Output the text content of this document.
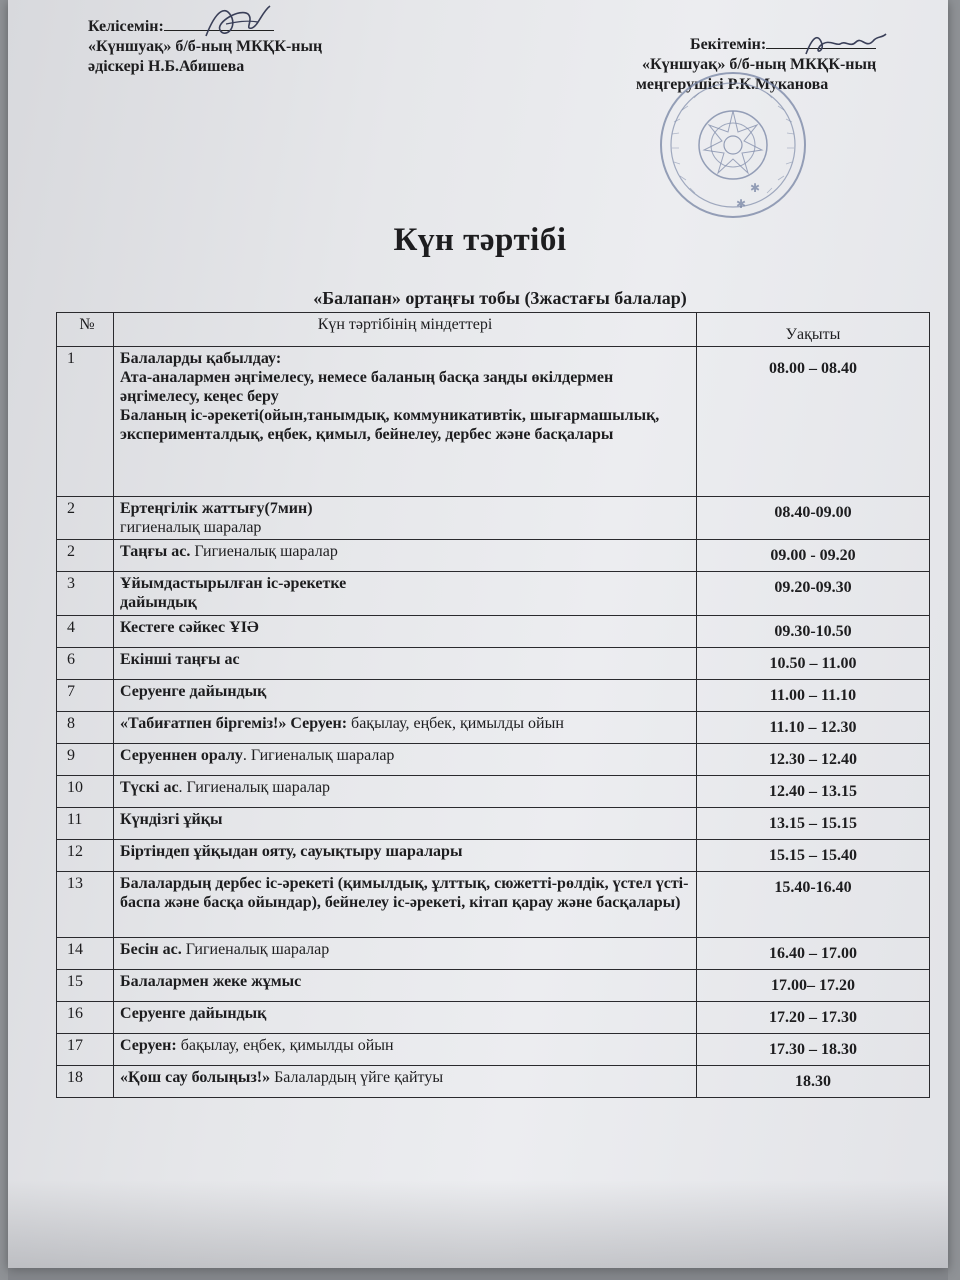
Келісемін:
«Күншуақ» б/б-ның МКҚК-ның
әдіскері Н.Б.Абишева
Бекітемін:
«Күншуақ» б/б-ның МКҚК-ның
меңгерушісі Р.К.Муканова
✱
✱
Күн тәртібі
«Балапан» ортаңғы тобы (3жастағы балалар)
№	Күн тәртібінің міндеттері	Уақыты
1	Балаларды қабылдау:
Ата-аналармен әңгімелесу, немесе баланың басқа заңды өкілдермен әңгімелесу, кеңес беру
Баланың іс-әрекеті(ойын,танымдық, коммуникативтік, шығармашылық, эксперименталдық, еңбек, қимыл, бейнелеу, дербес және басқалары	08.00 – 08.40
2	Ертеңгілік жаттығу(7мин)
гигиеналық шаралар	08.40-09.00
2	Таңғы ас. Гигиеналық шаралар	09.00 - 09.20
3	Ұйымдастырылған іс-әрекетке
дайындық	09.20-09.30
4	Кестеге сәйкес ҰІӘ	09.30-10.50
6	Екінші таңғы ас	10.50 – 11.00
7	Серуенге дайындық	11.00 – 11.10
8	«Табиғатпен біргеміз!» Серуен: бақылау, еңбек, қимылды ойын	11.10 – 12.30
9	Серуеннен оралу. Гигиеналық шаралар	12.30 – 12.40
10	Түскі ас. Гигиеналық шаралар	12.40 – 13.15
11	Күндізгі ұйқы	13.15 – 15.15
12	Біртіндеп ұйқыдан ояту, сауықтыру шаралары	15.15 – 15.40
13	Балалардың дербес іс-әрекеті (қимылдық, ұлттық, сюжетті-рөлдік, үстел үсті-баспа және басқа ойындар), бейнелеу іс-әрекеті, кітап қарау және басқалары)	15.40-16.40
14	Бесін ас. Гигиеналық шаралар	16.40 – 17.00
15	Балалармен жеке жұмыс	17.00– 17.20
16	Серуенге дайындық	17.20 – 17.30
17	Серуен: бақылау, еңбек, қимылды ойын	17.30 – 18.30
18	«Қош сау болыңыз!» Балалардың үйге қайтуы	18.30
